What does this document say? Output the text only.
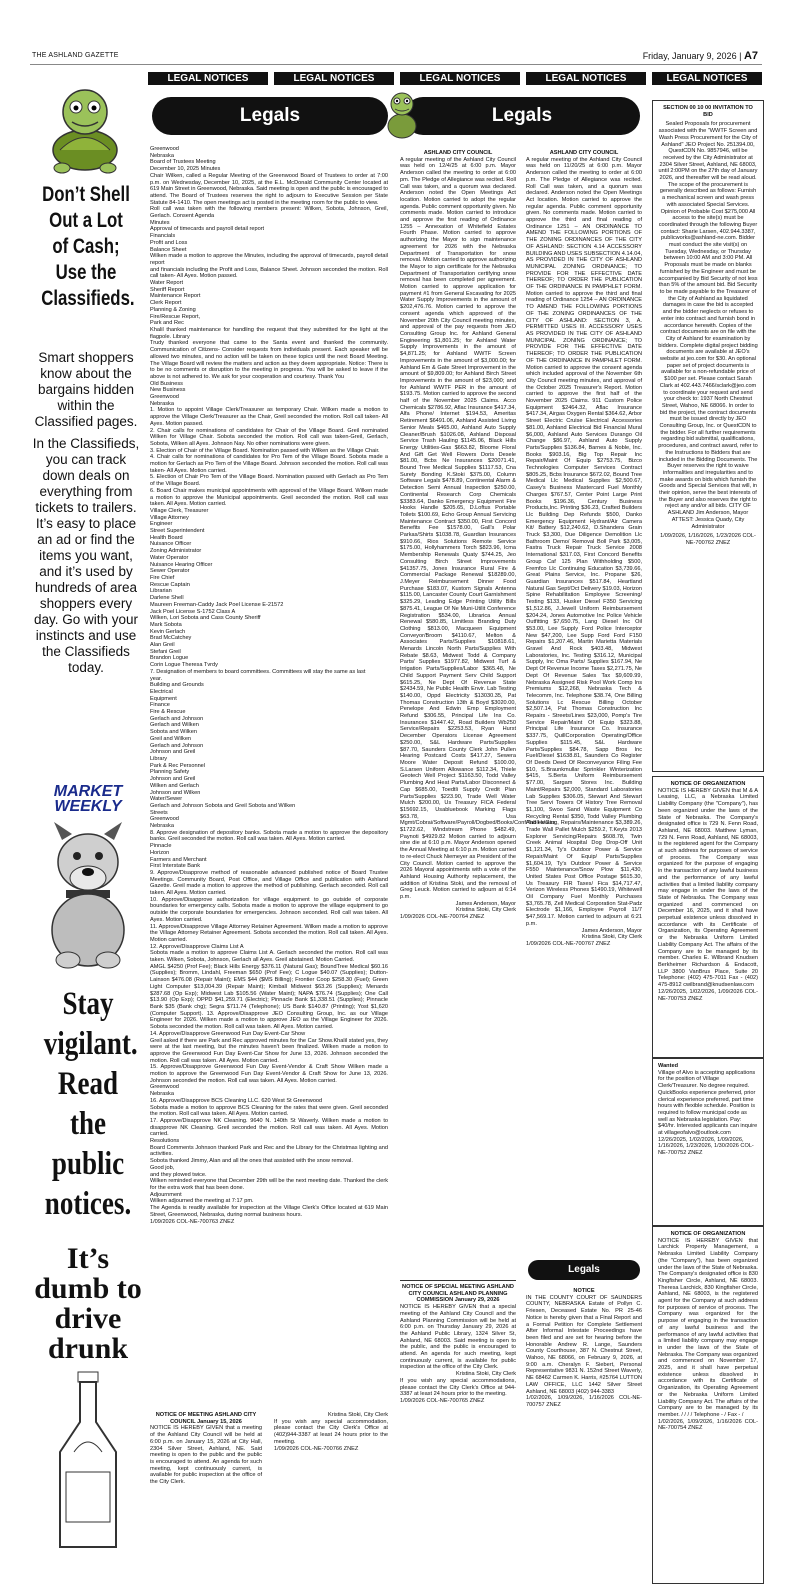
THE ASHLAND GAZETTE	Friday, January 9, 2026 | A7
LEGAL NOTICES	LEGAL NOTICES	LEGAL NOTICES	LEGAL NOTICES	LEGAL NOTICES
Legals	Legals
Don’t Shell Out a Lot of Cash; Use the Classifieds.
Smart shoppers know about the bargains hidden within the Classified pages.
In the Classifieds, you can track down deals on everything from tickets to trailers. It’s easy to place an ad or find the items you want, and it’s used by hundreds of area shoppers every day. Go with your instincts and use the Classifieds today.
MARKET
WEEKLY
Stay vigilant. Read the public notices.
It’s dumb to drive drunk

Greenwood

Nebraska

Board of Trustees Meeting

December 10, 2025 Minutes

Chair Wilken, called a Regular Meeting of the Greenwood Board of Trustees to order at 7:00 p.m. on Wednesday, December 10, 2025, at the E.L. McDonald Community Center located at 619 Main Street in Greenwood, Nebraska. Said meeting is open and the public is encouraged to attend. The Board of Trustees reserves the right to adjourn to Executive Session per State Statute 84-1410. The open meetings act is posted in the meeting room for the public to view.

Roll call was taken with the following members present: Wilken, Sobota, Johnson, Greil, Gerlach. Consent Agenda

Minutes

Approval of timecards and payroll detail report

Financials

Profit and Loss

Balance Sheet

Wilken made a motion to approve the Minutes, including the approval of timecards, payroll detail report

and financials including the Profit and Loss, Balance Sheet. Johnson seconded the motion. Roll call taken- All Ayes. Motion passed.

Water Report

Sheriff Report

Maintenance Report

Clerk Report

Planning & Zoning

Fire/Rescue Report,

Park and Rec

Khalil thanked maintenance for handling the request that they submitted for the light at the flagpole. Library

Trudy thanked everyone that came to the Santa event and thanked the community. Communication of Citizens- Consider requests from individuals present. Each speaker will be allowed two minutes, and no action will be taken on these topics until the next Board Meeting. The Village Board will review the matters and action as they deem appropriate. Notice: There is to be no comments or disruption to the meeting in progress. You will be asked to leave if the above is not adhered to. We ask for your cooperation and courtesy. Thank You

Old Business

New Business

Greenwood

Nebraska

1. Motion to appoint Village Clerk/Treasurer as temporary Chair. Wilken made a motion to approve the Village Clerk/Treasurer as the Chair, Greil seconded the motion. Roll call taken- All Ayes. Motion passed.

2. Chair calls for nominations of candidates for Chair of the Village Board. Greil nominated Wilken for Village Chair. Sobota seconded the motion. Roll call was taken-Greil, Gerlach, Sobota, Wilken all Ayes. Johnson Nay. No other nominations were given.

3. Election of Chair of the Village Board. Nomination passed with Wilken as the Village Chair.

4. Chair calls for nominations of candidates for Pro Tem of the Village Board. Sobota made a motion for Gerlach as Pro Tem of the Village Board. Johnson seconded the motion. Roll call was taken- All Ayes. Motion carried.

5. Election of Chair Pro Tem of the Village Board. Nomination passed with Gerlach as Pro Tem of the Village Board.

6. Board Chair makes municipal appointments with approval of the Village Board. Wilken made a motion to approve the Municipal appointments. Greil seconded the motion. Roll call was taken. All Ayes. Motion carried.

Village Clerk, Treasurer

Village Attorney

Engineer

Street Superintendent

Health Board

Nuisance Officer

Zoning Administrator

Water Operator

Nuisance Hearing Officer

Sewer Operator

Fire Chief

Rescue Captain

Librarian

Darlene Shell

Maureen Freeman-Caddy Jack Poel License E-21572

Jack Poel License S-1752 Class A

Wilken, Lori Sobota and Cass County Sheriff

Mark Sobota

Kevin Gerlach

Brad McCatchey

Alan Greil

Stefani Greil

Brandon Logue

Corin Logue Theresa Tvrdy

7. Designation of members to board committees. Committees will stay the same as last

year.

Building and Grounds

Electrical

Equipment

Finance

Fire & Rescue

Gerlach and Johnson

Gerlach and Wilken

Sobota and Wilken

Greil and Wilken

Gerlach and Johnson

Johnson and Greil

Library

Park & Rec Personnel

Planning Safety

Johnson and Greil

Wilken and Gerlach

Johnson and Wilken

Water/Sewer

Gerlach and Johnson Sobota and Greil Sobota and Wilken

Streets

Greenwood

Nebraska

8. Approve designation of depository banks. Sobota made a motion to approve the depository banks. Greil seconded the motion. Roll call was taken. All Ayes. Motion carried.

Pinnacle

Horizon

Farmers and Merchant

First Interstate Bank

9. Approve/Disapprove method of reasonable advanced published notice of Board Trustee Meetings. Community Board, Post Office, and Village Office and publication with Ashland Gazette. Greil made a motion to approve the method of publishing. Gerlach seconded. Roll call taken. All Ayes. Motion carried.

10. Approve/Disapprove authorization for village equipment to go outside of corporate boundaries for emergency calls. Sobota made a motion to approve the village equipment to go outside the corporate boundaries for emergencies. Johnson seconded. Roll call was taken. All Ayes. Motion carried.

11. Approve/Disapprove Village Attorney Retainer Agreement. Wilken made a motion to approve the Village Attorney Retainer Agreement. Sobota seconded the motion. Roll call taken. All Ayes. Motion carried.

12. Approve/Disapprove Claims List A

Sobota made a motion to approve Claims List A. Gerlach seconded the motion. Roll call was taken. Wilken, Sobota, Johnson, Gerlach all Ayes. Greil abstained. Motion Carried.

AMGL $4250 (Prof Fee); Black Hills Energy $376.11 (Natural Gas); BoundTree Medical $60.16 (Supplies); Bromm, Lindahl, Freeman $650 (Prof Fee); C Logue $40.07 (Supplies); Dutton-Lainson $476.08 (Repair Maint); EMS $44 ($MS Billing); Frontier Coop $258.30 (Fuel); Green Light Computer $13,004.39 (Repair Maint); Kimball Midwest $63.26 (Supplies); Menards $287.68 (Op Exp); Midwest Lab $105.56 (Water Maint); NAPA $76.74 (Supplies); One Call $13.90 (Op Exp); OPPD $41,259.71 (Electric); Pinnacle Bank $1,338.51 (Supplies); Pinnacle Bank $35 (Bank chg); Segra $711.74 (Telephone); US Bank $140.87 (Printing); Yost $1,620 (Computer Support). 13. Approve/Disapprove JEO Consulting Group, Inc. as our Village Engineer for 2026. Wilken made a motion to approve JEO as the Village Engineer for 2026. Sobota seconded the motion. Roll call was taken. All Ayes. Motion carried.

14. Approve/Disapprove Greenwood Fun Day Event-Car Show

Greil asked if there are Park and Rec approved minutes for the Car Show.Khalil stated yes, they were at the last meeting, but the minutes haven't been finalized. Wilken made a motion to approve the Greenwood Fun Day Event-Car Show for June 13, 2026. Johnson seconded the motion. Roll call was taken. All Ayes. Motion carried.

15. Approve/Disapprove Greenwood Fun Day Event-Vendor & Craft Show Wilken made a motion to approve the Greenwood Fun Day Event-Vendor & Craft Show for June 13, 2026. Johnson seconded the motion. Roll call was taken. All Ayes. Motion carried.

Greenwood

Nebraska

16. Approve/Disapprove BCS Cleaning LLC. 620 West St Greenwood

Sobota made a motion to approve BCS Cleaning for the rates that were given. Greil seconded the motion. Roll call was taken. All Ayes. Motion carried.

17. Approve/Disapprove NK Cleaning. 9640 N. 140th St Waverly. Wilken made a motion to disapprove NK Cleaning. Greil seconded the motion. Roll call was taken. All Ayes. Motion carried.

Resolutions

Board Comments Johnson thanked Park and Rec and the Library for the Christmas lighting and activities.

Sobota thanked Jimmy, Alan and all the ones that assisted with the snow removal.

Good job,

and they plowed twice.

Wilken reminded everyone that December 29th will be the next meeting date. Thanked the clerk for the extra work that has been done.

Adjournment

Wilken adjourned the meeting at 7:17 pm.

The Agenda is readily available for inspection at the Village Clerk's Office located at 619 Main Street, Greenwood, Nebraska, during normal business hours.

1/09/2026 COL-NE-700763 ZNEZ

NOTICE OF MEETING ASHLAND CITY COUNCIL January 15, 2026

NOTICE IS HEREBY GIVEN that a meeting of the Ashland City Council will be held at 6:00 p.m. on January 15, 2026 at City Hall, 2304 Silver Street, Ashland, NE. Said meeting is open to the public and the public is encouraged to attend. An agenda for such meeting, kept continuously current, is available for public inspection at the office of the City Clerk.

Kristina Stoki, City Clerk

If you wish any special accommodation, please contact the City Clerk's Office at (402)944-3387 at least 24 hours prior to the meeting.

1/09/2026 COL-NE-700766 ZNEZ

ASHLAND CITY COUNCIL

A regular meeting of the Ashland City Council was held on 12/4/25 at 6:00 p.m. Mayor Anderson called the meeting to order at 6:00 pm. The Pledge of Allegiance was recited. Roll Call was taken, and a quorum was declared. Anderson noted the Open Meetings Act location. Motion carried to adopt the regular agenda. Public comment opportunity given. No comments made. Motion carried to introduce and approve the first reading of Ordinance 1255 – Annexation of Whitefield Estates Fourth Phase. Motion carried to approve authorizing the Mayor to sign maintenance agreement for 2026 with the Nebraska Department of Transportation for snow removal. Motion carried to approve authorizing the Mayor to sign certificate for the Nebraska Department of Transportation certifying snow removal has been completed per agreement. Motion carried to approve application for payment #1 from General Excavating for 2025 Water Supply Improvements in the amount of $202,476.76. Motion carried to approve the consent agenda which approved of the November 20th City Council meeting minutes, and approval of the pay requests from JEO Consulting Group Inc. for Ashland General Engineering $1,801.25; for Ashland Water Supply Improvements in the amount of $4,871.25; for Ashland WWTF Screen Improvements in the amount of $3,000.00; for Ashland Em & Gate Street Improvement in the amount of $9,809.00; for Ashland Birch Street Improvements in the amount of $23,000; and for Ashland WWTF PER in the amount of $193.75. Motion carried to approve the second half of the November 2025 Claims. Acco Chemicals $2786.92, Aflac Insurance $417.34, Alfa Phone/ Internet $194.53, Ameritas Retirement $6491.06, Ashland Assisted Living Senior Meals $465.00, Ashland Auto Supply Cleaner/Brush $1026.08, Ashland Disposal Service Trash Hauling $1145.06, Black Hills Energy Utilities-Gas $663.82, Bloome Floral And Gift Get Well Flowers Doris Desele $81.00, Bcbs Ne Insurances $20071.41, Bound Tree Medical Supplies $1117.53, Cna Surety Bonding K.Stoki $375.00, Column Software Legals $478.89, Continental Alarm & Detection Semi Annual Inspection $250.00, Continental Research Corp Chemicals $3383.64, Danko Emergency Equipment Fire Hooks Handle $205.65, D.Loftus Portable Toilets $100.69, Echo Group Annual Servicing Maintenance Contract $350.00, First Concord Benefits Fee $1578.00, Gall's Polar Parkas/Shirts $1038.78, Guardian Insurances $910.66, Rios Solutions Remote Service $175.00, Hollyhammers Torch $823.96, Icma Membership Renewals Quaty $744.25, Jeo Consulting Birch Street Improvements $41357.75, Jones Insurance Rural Fire & Commercial Package Renewal $18289.00, J.Meyer Reimbursement Dinner Food Purchase $183.07, Kustom Signals Antenna $115.00, Lancaster County Court Garnishment $325.29, Leading Edge Printing Utility Bills $875.41, League Of Ne Muni-Utilit Conference Registration $534.00, Librarica Annual Renewal $580.85, Limitless Branding Duty Clothing $813.00, Macqueen Equipment Conveyor/Broom $4110.67, Melton & Associates Parts/Supplies $10818.61, Menards Lincoln North Parts/Supplies With Rebate $8.63, Midwest Todd & Company Parts/ Supplies $1977.82, Midwest Turf & Irrigation Parts/Supplies/Labor $365.48, Ne Child Support Payment Serv Child Support $615.25, Ne Dept Of Revenue State $2434.59, Ne Public Health Envir. Lab Testing $140.00, Oppd Electricity $13030.35, Pat Thomas Construction 13th & Boyd $3020.00, Penelope And Edwin Emp Employment Refund $306.55, Principal Life Ins Co. Insurances $1447.42, Road Builders Wb250 Service/Repairs $2253.53, Ryan Hurst December Operators License Agreement $250.00, S&L Hardware Parts/Supplies $87.70, Saunders County Clerk John Pullen Hearing Postcard Costs $417.27, Sewera Moore Water Deposit Refund $100.00, S.Larsen Uniform Allowance $112.34, Thiele Geotech Well Project $1163.50, Todd Valley Plumbing And Heat Parts/Labor Disconnect & Cap $685.00, Toedtli Supply Credit Plan Parts/Supplies $223.90, Trade Well Water Mulch $200.00, Us Treasury FICA Federal $15692.15, Usabluebook Marking Flags $63.78, Usa Mgmt/Cobrai/Software/Payroll/Dogbed/Books/Conf/Tables/Gas $1722.62, Windstream Phone $482.49, Paynoti $4929.82 Motion carried to adjourn sine die at 6:10 p.m. Mayor Anderson opened the Annual Meeting at 6:10 p.m. Motion carried to re-elect Chuck Niemeyer as President of the City Council. Motion carried to approve the 2026 Mayoral appointments with a vote of the Ashland Housing Authority replacement, the addition of Kristina Stoki, and the removal of Greg Leuck. Motion carried to adjourn at 6:14 p.m.

James Anderson, Mayor

Kristina Stoki, City Clerk

1/09/2026 COL-NE-700764 ZNEZ

NOTICE OF SPECIAL MEETING ASHLAND CITY COUNCIL ASHLAND PLANNING COMMISSION January 29, 2026

NOTICE IS HEREBY GIVEN that a special meeting of the Ashland City Council and the Ashland Planning Commission will be held at 6:00 p.m. on Thursday January 29, 2026 at the Ashland Public Library, 1324 Silver St, Ashland, NE 68003. Said meeting is open to the public, and the public is encouraged to attend. An agenda for such meeting, kept continuously current, is available for public inspection at the office of the City Clerk.

Kristina Stoki, City Clerk

If you wish any special accommodations, please contact the City Clerk's Office at 944-3387 at least 24 hours prior to the meeting.

1/09/2026 COL-NE-700765 ZNEZ

ASHLAND CITY COUNCIL

A regular meeting of the Ashland City Council was held on 11/20/25 at 6:00 p.m. Mayor Anderson called the meeting to order at 6:00 p.m. The Pledge of Allegiance was recited. Roll Call was taken, and a quorum was declared. Anderson noted the Open Meetings Act location. Motion carried to approve the regular agenda. Public comment opportunity given. No comments made. Motion carried to approve the third and final reading of Ordinance 1251 – AN ORDINANCE TO AMEND THE FOLLOWING PORTIONS OF THE ZONING ORDINANCES OF THE CITY OF ASHLAND: SECTION 4.14 ACCESSORY BUILDING AND USES SUBSECTION 4.14.04, AS PROVIDED IN THE CITY OF ASHLAND MUNICIPAL ZONING ORDINANCE; TO PROVIDE FOR THE EFFECTIVE DATE THEREOF; TO ORDER THE PUBLICATION OF THE ORDINANCE IN PAMPHLET FORM. Motion carried to approve the third and final reading of Ordinance 1254 – AN ORDINANCE TO AMEND THE FOLLOWING PORTIONS OF THE ZONING ORDINANCES OF THE CITY OF ASHLAND: SECTION 3, A. PERMITTED USES III. ACCESSORY USES AS PROVIDED IN THE CITY OF ASHLAND MUNICIPAL ZONING ORDINANCE; TO PROVIDE FOR THE EFFECTIVE DATE THEREOF; TO ORDER THE PUBLICATION OF THE ORDINANCE IN PAMPHLET FORM. Motion carried to approve the consent agenda which included approval of the November 6th City Council meeting minutes, and approval of the October 2025 Treasurer's Report. Motion carried to approve the first half of the November 2025 Claims. 911 Custom Police Equipment $2464.32, Aflac Insurance $417.34, Airgas Oxygen Rental $364.62, Arbor Street Electric Cruise Electrical Accessories $81.00, Ashland Electrical Bid Financial Mural $6,000, Ashland Auto Services Durango Oil Change $86.97, Ashland Auto Supply Parts/Supplies $136.84, Barnes & Noble, Inc. Books $903.16, Big Top Repair Inc Repair/Maint Of Equip $2753.75, Bizco Technologies Computer Services Contract $805.25, Bcbs Insurance $672.02, Bound Tree Medical Llc Medical Supplies $2,500.67, Casey's Business Mastercard Fuel Monthly Charges $767.57, Center Point Large Print Books $196.36, Century Business Products,Inc. Printing $36.23, Crafted Builders Llc Building Dep Refunds $500, Danko Emergency Equipment Hydrant/Air Camera Kit/ Battery $12,240.62, D.Shandera Grain Truck $3,300, Due Diligence Demolition Llc Bathroom Demo/ Removal Boll Park $3,005, Fastra Truck Repair Truck Service 2008 International $317.03, First Concord Benefits Group Caf 125 Plan Withholding $500, Fremfco Llc Continuing Education $3,739.66, Great Plains Service, Inc. Propane $26, Guardian Insurances $517.84, Heartland Natural Gas Sept/Oct Delivery $19.03, Horizon Spine Rehabilitation Employee Screening/ Testing $133, Husker Diesel F350 Servicing $1,512.86, J.Jewell Uniform Reimbursement $204.24, Jones Automotive Inc Police Vehicle Outfitting $7,650.75, Lang Diesel Inc Oil $53.00, Lee Supply Ford Police Interceptor New $47,200, Lee Supp Ford Ford F150 Repairs $1,207.46, Martin Marietta Materials Gravel And Rock $403.48, Midwest Laboratories, Inc. Testing $316.12, Municipal Supply, Inc Oma Parts/ Supplies $167.94, Ne Dept Of Revenue Income Taxes $2,271.75, Ne Dept Of Revenue Sales Tax $9,609.99, Nebraska Assigned Risk Pool Work Comp Ins Premiums $12,268, Nebraska Tech & Telecomm, Inc. Telephone $38.74, One Billing Solutions Lc Rescue Billing October $2,507.14, Pat Thomas Construction Inc Repairs - Streets/Lines $23,000, Pomp's Tire Service Repair/Maint Of Equip $323.88, Principal Life Insurance Co. Insurance $337.75, QuillCorporation Operating/Office Supplies $115.45, S&L Hardware Parts/Supplies $84.78, Sapp Bros Inc Fuel/Diesel $1638.81, Saunders Co Register Of Deeds Deed Of Reconveyance Filing Fee $10, S.Braunkmullar Sprinkler Winterization $415, S.Berta Uniform Reimbursement $77.00, Sargam Stores Inc. Building Maint/Repairs $2,000, Standard Laboratories Lab Supplies $306.05, Stewart And Stewart Tree Servi Towers Of History Tree Removal $1,100, Swoo Sand Waste Equipment Co Recycling Rental $350, Todd Valley Plumbing And Heating, Repairs/Maintenance $3,389.26, Trade Wall Pallet Mulch $259.2, T.Keyts 2013 Explorer Servicing/Repairs $608.78, Twin Creek Animal Hospital Dog Drop-Off Unit $1,121.34, Ty's Outdoor Power & Service Repair/Maint Of Equip/ Parts/Supplies $1,604.19, Ty's Outdoor Power & Service F550 Maintenance/Snow Plow $11,430, United States Post Office Postage $615.30, Us Treasury FIR Taxes/ Fica $14,717.47, Verizon Wireless Phones $1490.19, Whitewell Oil Company Fuel Monthly Purchases $3,765.78, Zell Medical Corporation Stat-Padz Electrode $1,166, Employee Payroll 11/7 $47,569.17. Motion carried to adjourn at 6:21 p.m.

James Anderson, Mayor

Kristina Stoki, City Clerk

1/09/2026 COL-NE-700767 ZNEZ

Legals

NOTICE

IN THE COUNTY COURT OF SAUNDERS COUNTY, NEBRASKA Estate of Pollyn C. Friesen, Deceased Estate No. PR 25-46 Notice is hereby given that a Final Report and a Formal Petition for Complete Settlement After Informal Intestate Proceedings have been filed and are set for hearing before the Honorable Andrew R. Lange, Saunders County Courthouse, 387 N. Chestnut Street, Wahoo, NE 68066, on February 9, 2026, at 9:00 a.m. Cheralyn F. Siebert, Personal Representative 9831 N. 152nd Street Waverly, NE 68462 Carmen K. Harris, #25764 LUTTON LAW OFFICE, LLC 1442 Silver Street Ashland, NE 68003 (402) 944-3383

1/02/2026, 1/09/2026, 1/16/2026 COL-NE-700757 ZNEZ

SECTION 00 10 00 INVITATION TO BID

Sealed Proposals for procurement associated with the "WWTF Screen and Wash Press Procurement for the City of Ashland" JEO Project No. 251394.00, QuestCDN No. 9857946, will be received by the City Administrator at 2304 Silver Street, Ashland, NE 68003, until 2:00PM on the 27th day of January 2026, and thereafter will be read aloud. The scope of the procurement is generally described as follows: Furnish a mechanical screen and wash press with associated Special Services. Opinion of Probable Cost $275,000 All access to the site(s) must be coordinated through the following Buyer contact: Sharie Larsen, 402.944.3387, publicworks@ashland-ne.com. Bidder must conduct the site visit(s) on Tuesday, Wednesday, or Thursday between 10:00 AM and 3:00 PM. All Proposals must be made on blanks furnished by the Engineer and must be accompanied by Bid Security of not less than 5% of the amount bid. Bid Security to be made payable to the Treasurer of the City of Ashland as liquidated damages in case the bid is accepted and the bidder neglects or refuses to enter into contract and furnish bond in accordance herewith. Copies of the contract documents are on file with the City of Ashland for examination by bidders. Complete digital project bidding documents are available at JEO's website at jeo.com for $30. An optional paper set of project documents is available for a non-refundable price of $100 per set. Please contact Sarah Clark at 402.443.7466/sclark@jeo.com to coordinate your request and send your check to: 1937 North Chestnut Street, Wahoo, NE 68066. In order to bid the project, the contract documents must be issued directly by JEO Consulting Group, Inc. or QuestCDN to the bidder. For all further requirements regarding bid submittal, qualifications, procedures, and contract award, refer to the Instructions to Bidders that are included in the Bidding Documents. The Buyer reserves the right to waive informalities and irregularities and to make awards on bids which furnish the Goods and Special Services that will, in their opinion, serve the best interests of the Buyer and also reserves the right to reject any and/or all bids. CITY OF ASHLAND Jim Anderson, Mayor ATTEST: Jessica Quady, City Administrator

1/09/2026, 1/16/2026, 1/23/2026 COL-NE-700762 ZNEZ

NOTICE OF ORGANIZATION

NOTICE IS HEREBY GIVEN that M & A Leasing, LLC, a Nebraska Limited Liability Company (the "Company"), has been organized under the laws of the State of Nebraska. The Company's designated office is 729 N. Fenn Road, Ashland, NE 68003. Matthew Lyman, 729 N. Fenn Road, Ashland, NE 68003, is the registered agent for the Company at such address for purposes of service of process. The Company was organized for the purpose of engaging in the transaction of any lawful business and the performance of any lawful activities that a limited liability company may engage in under the laws of the State of Nebraska. The Company was organized and commenced on December 16, 2025, and it shall have perpetual existence unless dissolved in accordance with its Certificate of Organization, its Operating Agreement or the Nebraska Uniform Limited Liability Company Act. The affairs of the Company are to be managed by its member. Charles E. Wilbrand Knudsen Berkheimer Richardson & Endacott, LLP 3800 VanBrus Place, Suite 20 Telephone: (402) 475-7011 Fax - (402) 475-8912 cwilbrand@knudsenlaw.com

12/26/2025, 1/02/2026, 1/09/2026 COL-NE-700753 ZNEZ

Wanted

Village of Alvo is accepting applications for the position of Village Clerk/Treasurer. No degree required. QuickBooks experience preferred, prior clerical experience preferred, part time hours with flexible schedule. Position is required to follow municipal code as well as Nebraska legislation. Pay: $40/hr. Interested applicants can inquire at villageofalvo@outlook.com

12/26/2025, 1/02/2026, 1/09/2026, 1/16/2026, 1/23/2026, 1/30/2026 COL-NE-700752 ZNEZ

NOTICE OF ORGANIZATION

NOTICE IS HEREBY GIVEN that Larchick Property Management, a Nebraska Limited Liability Company (the "Company"), has been organized under the laws of the State of Nebraska. The Company's designated office is 830 Kingfisher Circle, Ashland, NE 68003. Theresa Larchick, 830 Kingfisher Circle, Ashland, NE 68003, is the registered agent for the Company at such address for purposes of service of process. The Company was organized for the purpose of engaging in the transaction of any lawful business and the performance of any lawful activities that a limited liability company may engage in under the laws of the State of Nebraska. The Company was organized and commenced on November 17, 2025, and it shall have perpetual existence unless dissolved in accordance with its Certificate of Organization, its Operating Agreement or the Nebraska Uniform Limited Liability Company Act. The affairs of the Company are to be managed by its member. / / / / Telephone - / Fax - /

1/02/2026, 1/09/2026, 1/16/2026 COL-NE-700754 ZNEZ
